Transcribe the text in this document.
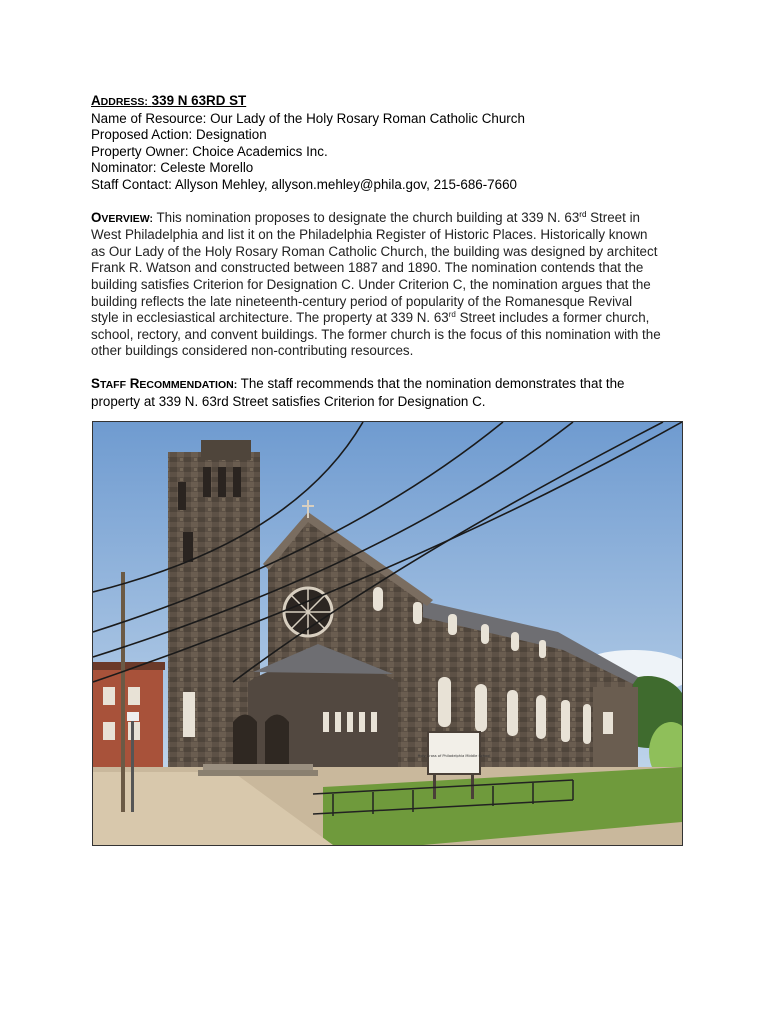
ADDRESS: 339 N 63RD ST
Name of Resource: Our Lady of the Holy Rosary Roman Catholic Church
Proposed Action: Designation
Property Owner: Choice Academics Inc.
Nominator: Celeste Morello
Staff Contact: Allyson Mehley, allyson.mehley@phila.gov, 215-686-7660
OVERVIEW: This nomination proposes to designate the church building at 339 N. 63rd Street in
West Philadelphia and list it on the Philadelphia Register of Historic Places. Historically known
as Our Lady of the Holy Rosary Roman Catholic Church, the building was designed by architect
Frank R. Watson and constructed between 1887 and 1890. The nomination contends that the
building satisfies Criterion for Designation C. Under Criterion C, the nomination argues that the
building reflects the late nineteenth-century period of popularity of the Romanesque Revival
style in ecclesiastical architecture. The property at 339 N. 63rd Street includes a former church,
school, rectory, and convent buildings. The former church is the focus of this nomination with the
other buildings considered non-contributing resources.
STAFF RECOMMENDATION: The staff recommends that the nomination demonstrates that the
property at 339 N. 63rd Street satisfies Criterion for Designation C.
Holy Cross of Philadelphia Middle School
